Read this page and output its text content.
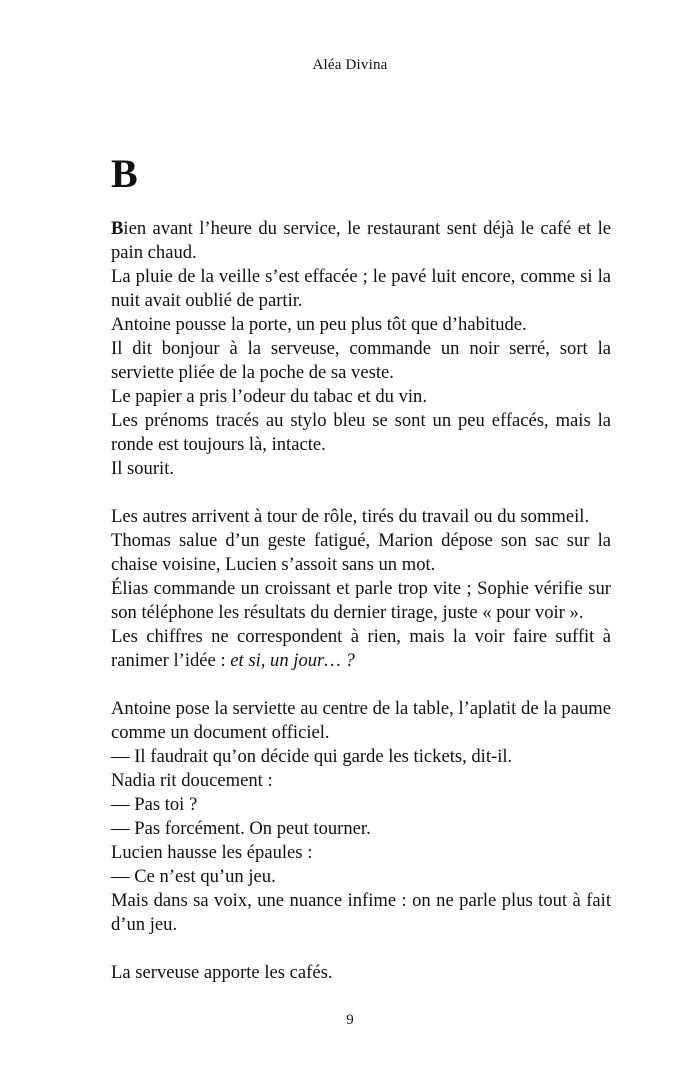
Aléa Divina
B

Bien avant l’heure du service, le restaurant sent déjà le café et le pain chaud.

La pluie de la veille s’est effacée ; le pavé luit encore, comme si la nuit avait oublié de partir.

Antoine pousse la porte, un peu plus tôt que d’habitude.

Il dit bonjour à la serveuse, commande un noir serré, sort la serviette pliée de la poche de sa veste.

Le papier a pris l’odeur du tabac et du vin.

Les prénoms tracés au stylo bleu se sont un peu effacés, mais la ronde est toujours là, intacte.

Il sourit.

Les autres arrivent à tour de rôle, tirés du travail ou du sommeil.

Thomas salue d’un geste fatigué, Marion dépose son sac sur la chaise voisine, Lucien s’assoit sans un mot.

Élias commande un croissant et parle trop vite ; Sophie vérifie sur son téléphone les résultats du dernier tirage, juste « pour voir ».

Les chiffres ne correspondent à rien, mais la voir faire suffit à ranimer l’idée : et si, un jour… ?

Antoine pose la serviette au centre de la table, l’aplatit de la paume comme un document officiel.

— Il faudrait qu’on décide qui garde les tickets, dit-il.

Nadia rit doucement :

— Pas toi ?

— Pas forcément. On peut tourner.

Lucien hausse les épaules :

— Ce n’est qu’un jeu.

Mais dans sa voix, une nuance infime : on ne parle plus tout à fait d’un jeu.

La serveuse apporte les cafés.

9
